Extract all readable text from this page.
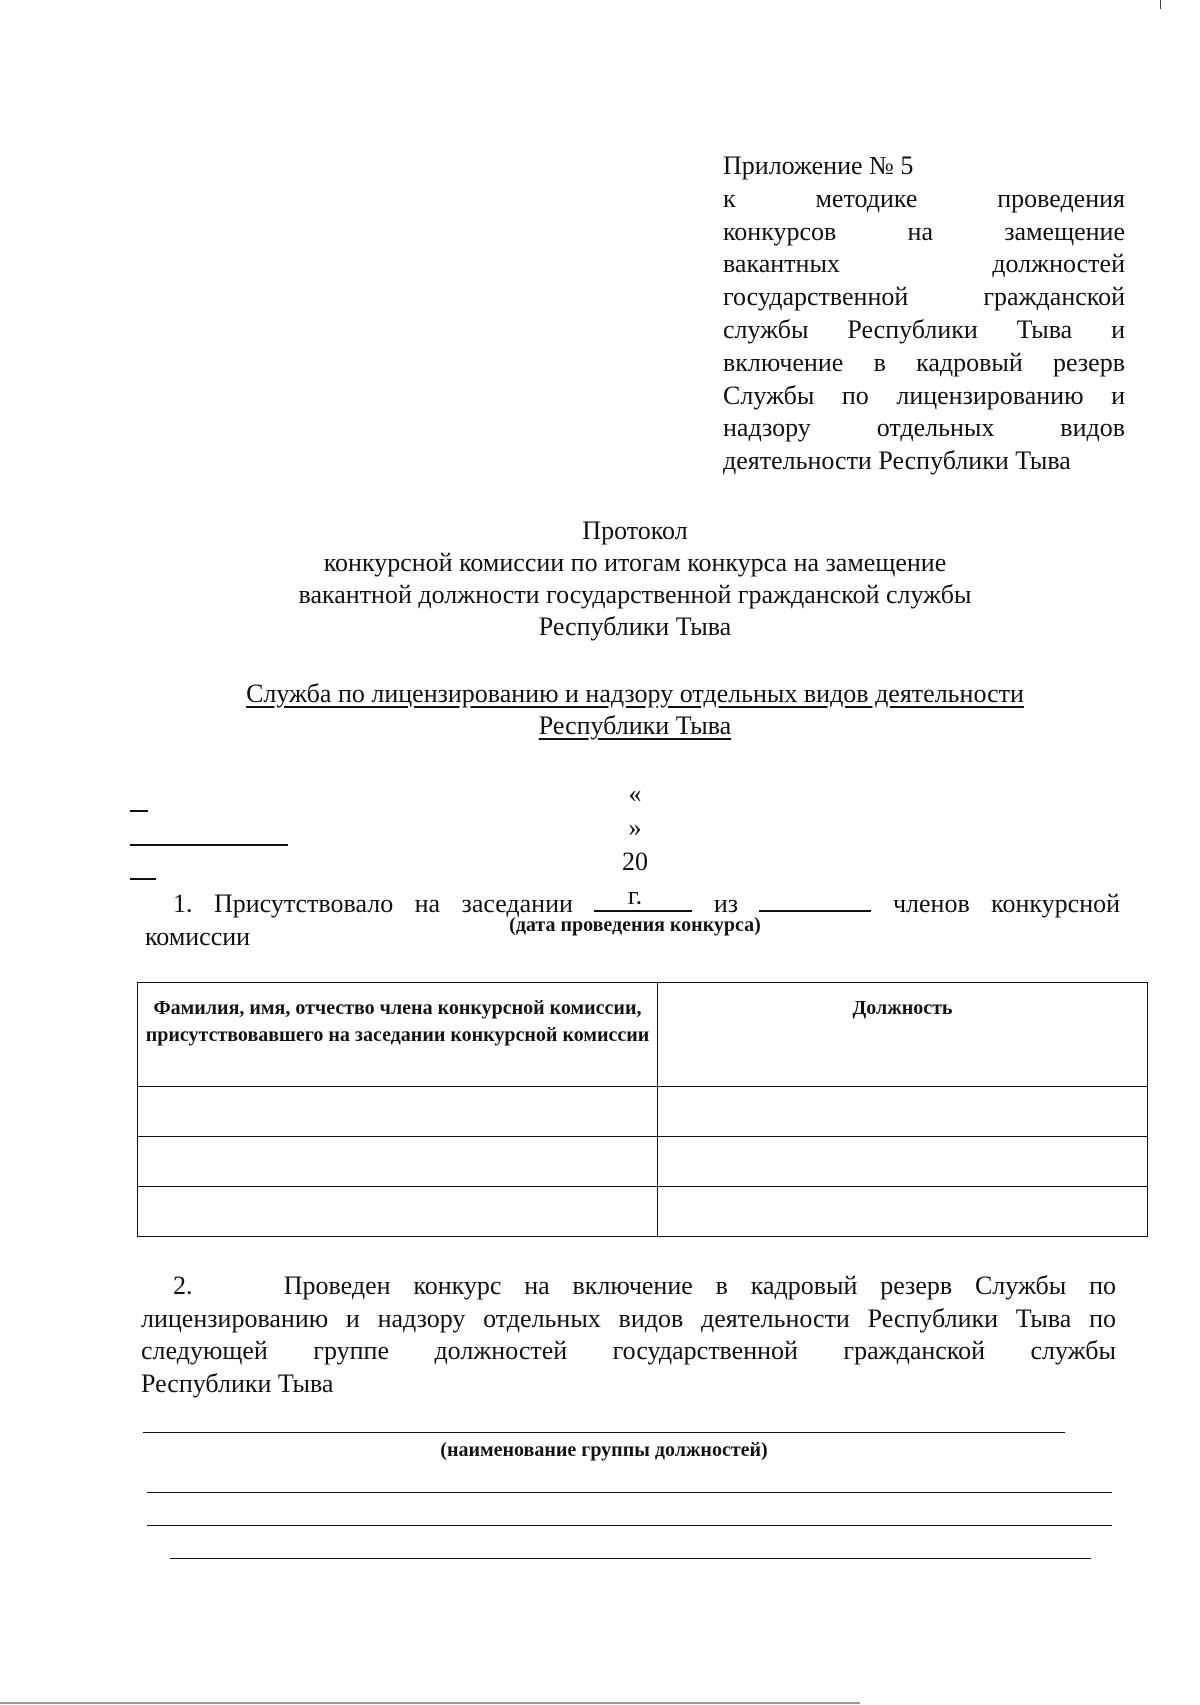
Приложение № 5
к методике проведения
конкурсов на замещение
вакантных должностей
государственной гражданской
службы Республики Тыва и
включение в кадровый резерв
Службы по лицензированию и
надзору отдельных видов
деятельности Республики Тыва
Протокол
конкурсной комиссии по итогам конкурса на замещение
вакантной должности государственной гражданской службы
Республики Тыва
Служба по лицензированию и надзору отдельных видов деятельности
Республики Тыва
«
»
20
г.
(дата проведения конкурса)
1. Присутствовало на заседании	из	членов конкурсной
комиссии
Фамилия, имя, отчество члена конкурсной комиссии, присутствовавшего на заседании конкурсной комиссии	Должность

2.	Проведен конкурс на включение в кадровый резерв Службы по
лицензированию и надзору отдельных видов деятельности Республики Тыва по
следующей группе должностей государственной гражданской службы
Республики Тыва
(наименование группы должностей)
